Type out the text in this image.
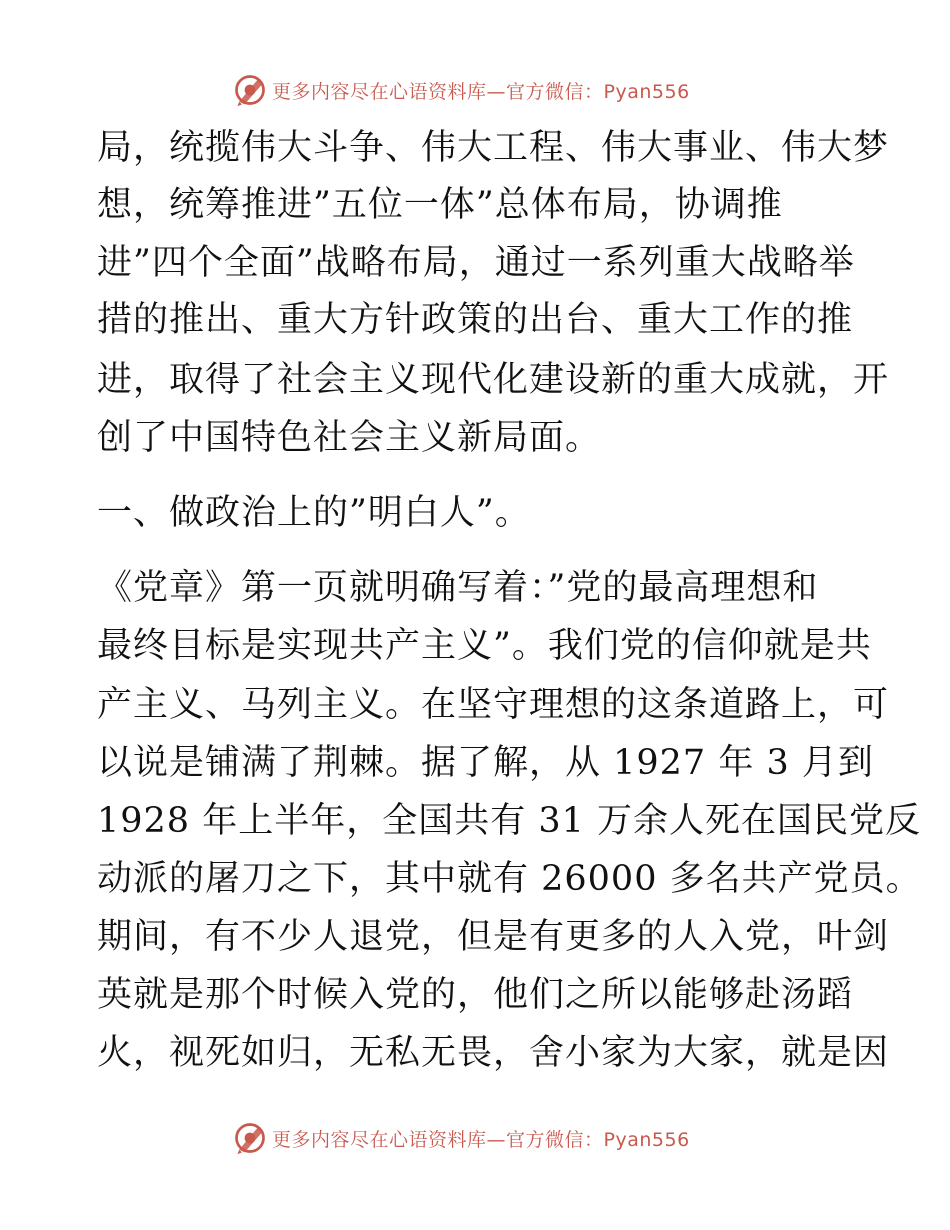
更多内容尽在心语资料库—官方微信：Pyan556
局，统揽伟大斗争、伟大工程、伟大事业、伟大梦
想，统筹推进”五位一体”总体布局，协调推
进”四个全面”战略布局，通过一系列重大战略举
措的推出、重大方针政策的出台、重大工作的推
进，取得了社会主义现代化建设新的重大成就，开
创了中国特色社会主义新局面。
一、做政治上的”明白人”。
《党章》第一页就明确写着：”党的最高理想和
最终目标是实现共产主义”。我们党的信仰就是共
产主义、马列主义。在坚守理想的这条道路上，可
以说是铺满了荆棘。据了解，从 1927 年 3 月到
1928 年上半年，全国共有 31 万余人死在国民党反
动派的屠刀之下，其中就有 26000 多名共产党员。
期间，有不少人退党，但是有更多的人入党，叶剑
英就是那个时候入党的，他们之所以能够赴汤蹈
火，视死如归，无私无畏，舍小家为大家，就是因
更多内容尽在心语资料库—官方微信：Pyan556
